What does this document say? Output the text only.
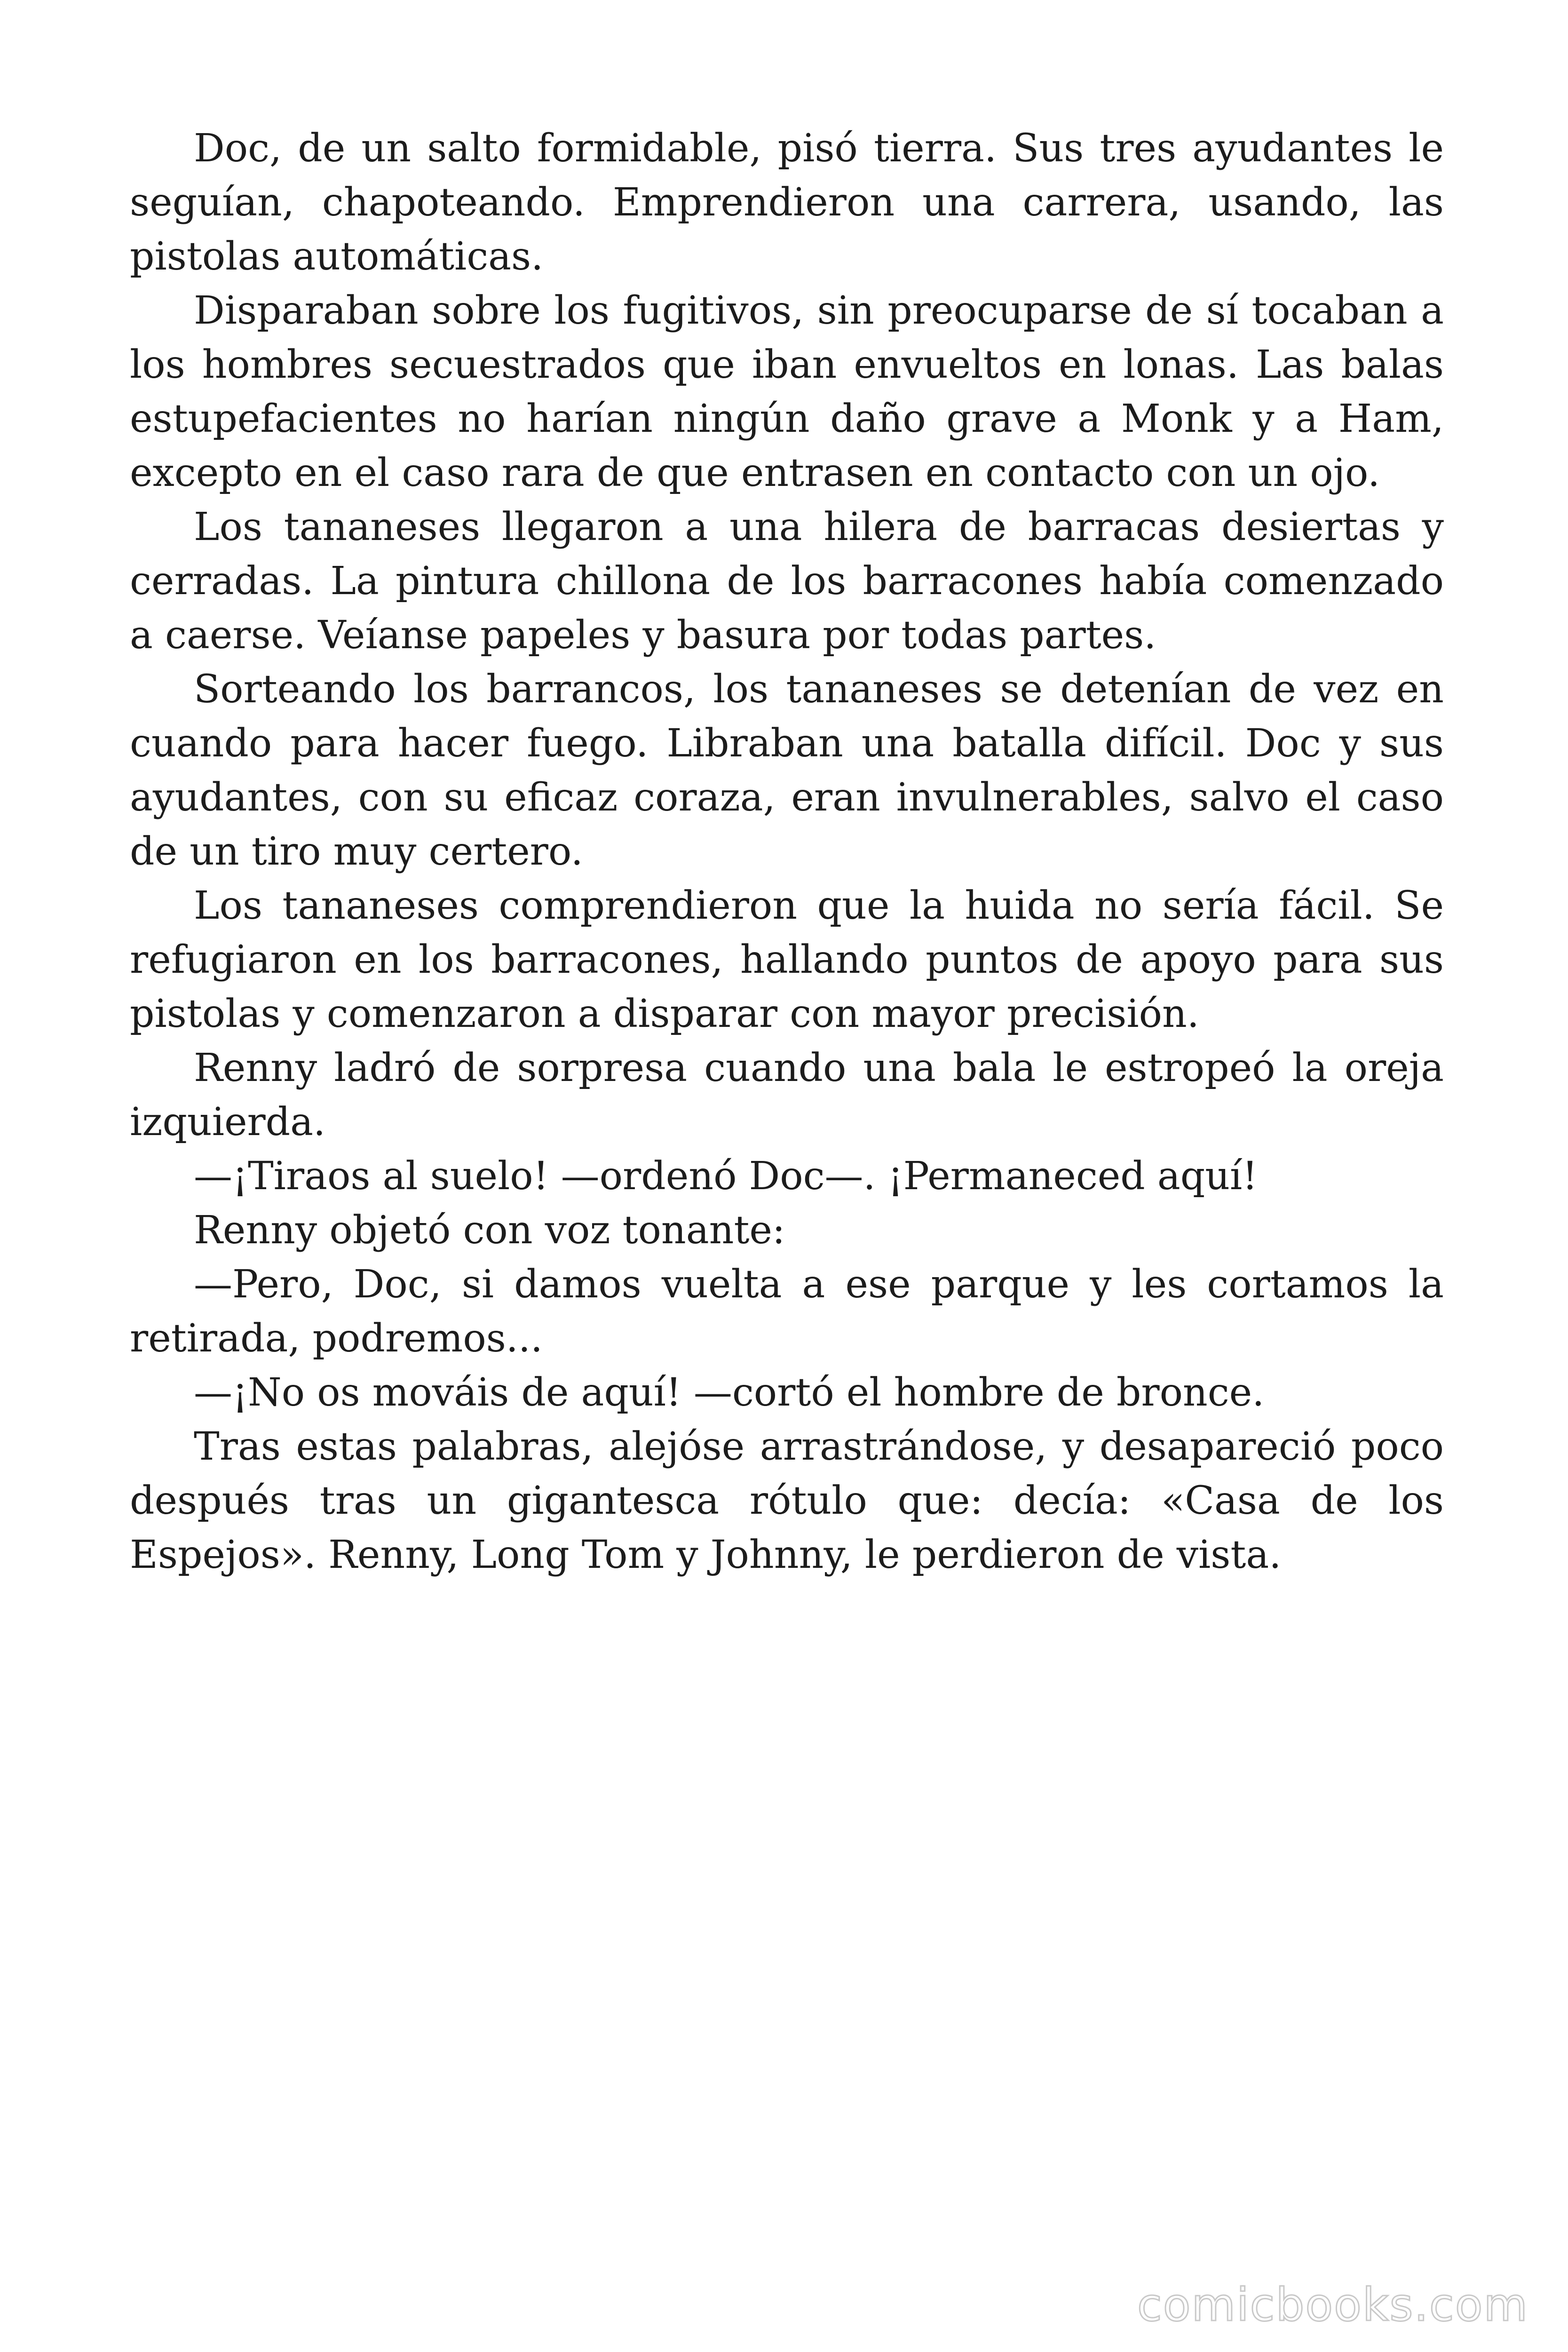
Doc, de un salto formidable, pisó tierra. Sus tres ayudantes le seguían, chapoteando. Emprendieron una carrera, usando, las pistolas automáticas.

Disparaban sobre los fugitivos, sin preocuparse de sí tocaban a los hombres secuestrados que iban envueltos en lonas. Las balas estupefacientes no harían ningún daño grave a Monk y a Ham, excepto en el caso rara de que entrasen en contacto con un ojo.

Los tananeses llegaron a una hilera de barracas desiertas y cerradas. La pintura chillona de los barracones había comenzado a caerse. Veíanse papeles y basura por todas partes.

Sorteando los barrancos, los tananeses se detenían de vez en cuando para hacer fuego. Libraban una batalla difícil. Doc y sus ayudantes, con su eficaz coraza, eran invulnerables, salvo el caso de un tiro muy certero.

Los tananeses comprendieron que la huida no sería fácil. Se refugiaron en los barracones, hallando puntos de apoyo para sus pistolas y comenzaron a disparar con mayor precisión.

Renny ladró de sorpresa cuando una bala le estropeó la oreja izquierda.

—¡Tiraos al suelo! —ordenó Doc—. ¡Permaneced aquí!

Renny objetó con voz tonante:

—Pero, Doc, si damos vuelta a ese parque y les cortamos la retirada, podremos...

—¡No os mováis de aquí! —cortó el hombre de bronce.

Tras estas palabras, alejóse arrastrándose, y desapareció poco después tras un gigantesca rótulo que: decía: «Casa de los Espejos». Renny, Long Tom y Johnny, le perdieron de vista.

comicbooks.com
